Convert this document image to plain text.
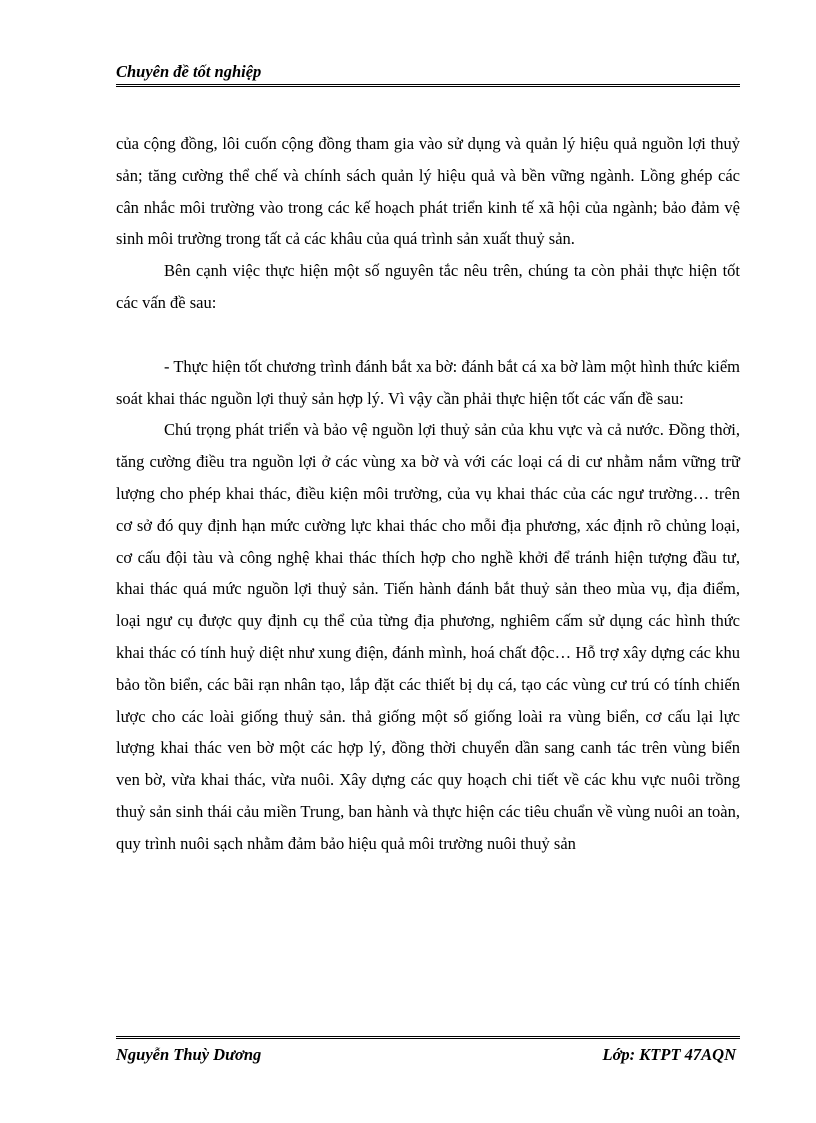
Chuyên đề tốt nghiệp

của cộng đồng, lôi cuốn cộng đồng tham gia vào sử dụng và quản lý hiệu quả nguồn lợi thuỷ sản; tăng cường thể chế và chính sách quản lý hiệu quả và bền vững ngành. Lồng ghép các cân nhắc môi trường vào trong các kế hoạch phát triển kinh tế xã hội của ngành; bảo đảm vệ sinh môi trường trong tất cả các khâu của quá trình sản xuất thuỷ sản.

Bên cạnh việc thực hiện một số nguyên tắc nêu trên, chúng ta còn phải thực hiện tốt các vấn đề sau:

- Thực hiện tốt chương trình đánh bắt xa bờ: đánh bắt cá xa bờ làm một hình thức kiểm soát khai thác nguồn lợi thuỷ sản hợp lý. Vì vậy cần phải thực hiện tốt các vấn đề sau:

Chú trọng phát triển và bảo vệ nguồn lợi thuỷ sản của khu vực và cả nước. Đồng thời, tăng cường điều tra nguồn lợi ở các vùng xa bờ và với các loại cá di cư nhằm nắm vững trữ lượng cho phép khai thác, điều kiện môi trường, của vụ khai thác của các ngư trường… trên cơ sở đó quy định hạn mức cường lực khai thác cho mỗi địa phương, xác định rõ chủng loại, cơ cấu đội tàu và công nghệ khai thác thích hợp cho nghề khởi để tránh hiện tượng đầu tư, khai thác quá mức nguồn lợi thuỷ sản. Tiến hành đánh bắt thuỷ sản theo mùa vụ, địa điểm, loại ngư cụ được quy định cụ thể của từng địa phương, nghiêm cấm sử dụng các hình thức khai thác có tính huỷ diệt như xung điện, đánh mình, hoá chất độc… Hỗ trợ xây dựng các khu bảo tồn biển, các bãi rạn nhân tạo, lắp đặt các thiết bị dụ cá, tạo các vùng cư trú có tính chiến lược cho các loài giống thuỷ sản. thả giống một số giống loài ra vùng biển, cơ cấu lại lực lượng khai thác ven bờ một các hợp lý, đồng thời chuyển dần sang canh tác trên vùng biển ven bờ, vừa khai thác, vừa nuôi. Xây dựng các quy hoạch chi tiết về các khu vực nuôi trồng thuỷ sản sinh thái cảu miền Trung, ban hành và thực hiện các tiêu chuẩn về vùng nuôi an toàn, quy trình nuôi sạch nhằm đảm bảo hiệu quả môi trường nuôi thuỷ sản

Nguyễn Thuỳ Dương	Lớp: KTPT 47AQN
